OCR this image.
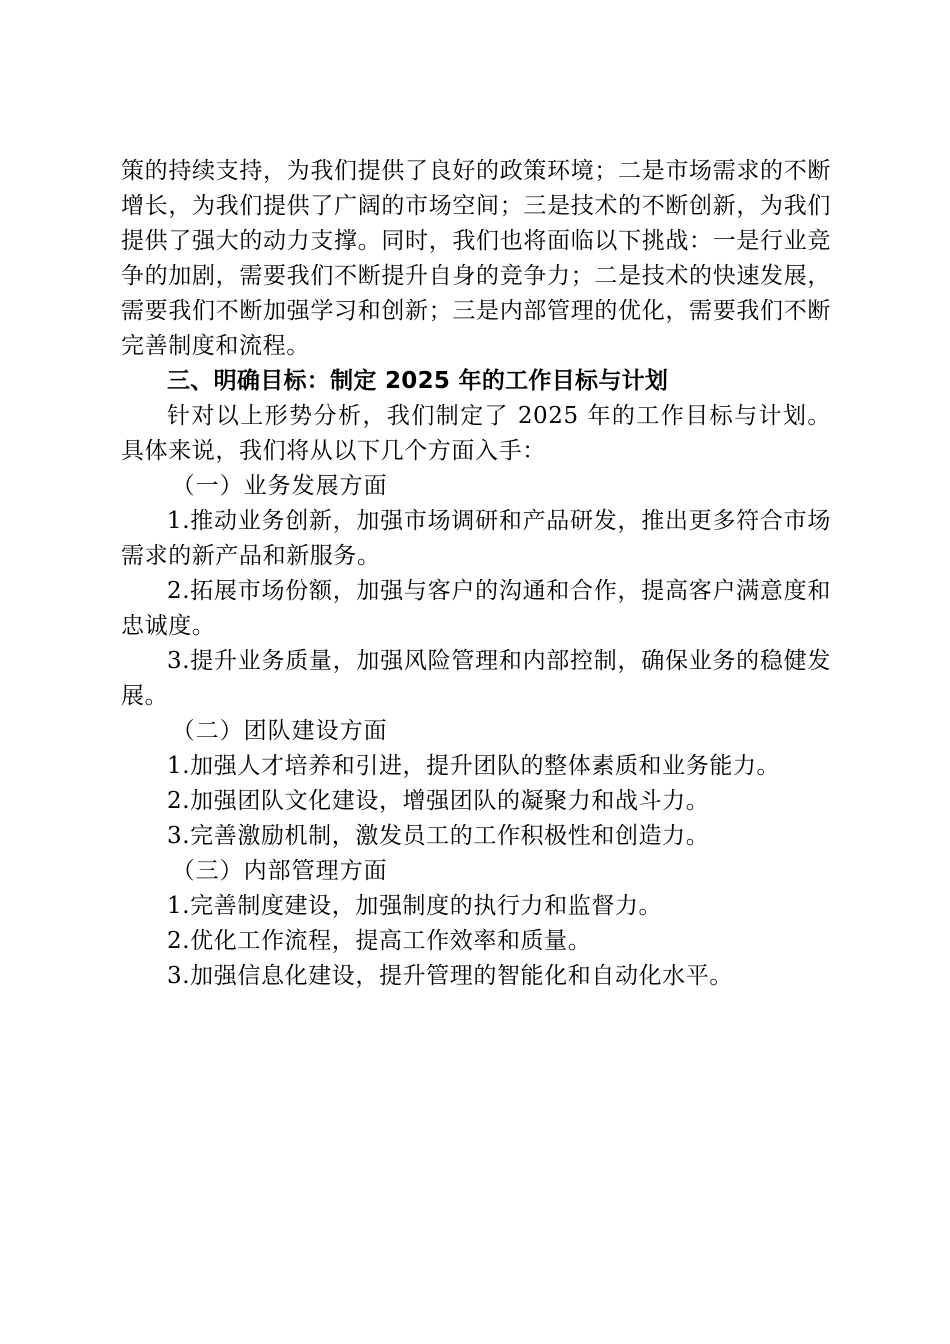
策的持续支持，为我们提供了良好的政策环境；二是市场需求的不断增长，为我们提供了广阔的市场空间；三是技术的不断创新，为我们提供了强大的动力支撑。同时，我们也将面临以下挑战：一是行业竞争的加剧，需要我们不断提升自身的竞争力；二是技术的快速发展，需要我们不断加强学习和创新；三是内部管理的优化，需要我们不断完善制度和流程。

三、明确目标：制定 2025 年的工作目标与计划

针对以上形势分析，我们制定了 2025 年的工作目标与计划。具体来说，我们将从以下几个方面入手：

（一）业务发展方面

1.推动业务创新，加强市场调研和产品研发，推出更多符合市场需求的新产品和新服务。

2.拓展市场份额，加强与客户的沟通和合作，提高客户满意度和忠诚度。

3.提升业务质量，加强风险管理和内部控制，确保业务的稳健发展。

（二）团队建设方面

1.加强人才培养和引进，提升团队的整体素质和业务能力。

2.加强团队文化建设，增强团队的凝聚力和战斗力。

3.完善激励机制，激发员工的工作积极性和创造力。

（三）内部管理方面

1.完善制度建设，加强制度的执行力和监督力。

2.优化工作流程，提高工作效率和质量。

3.加强信息化建设，提升管理的智能化和自动化水平。
